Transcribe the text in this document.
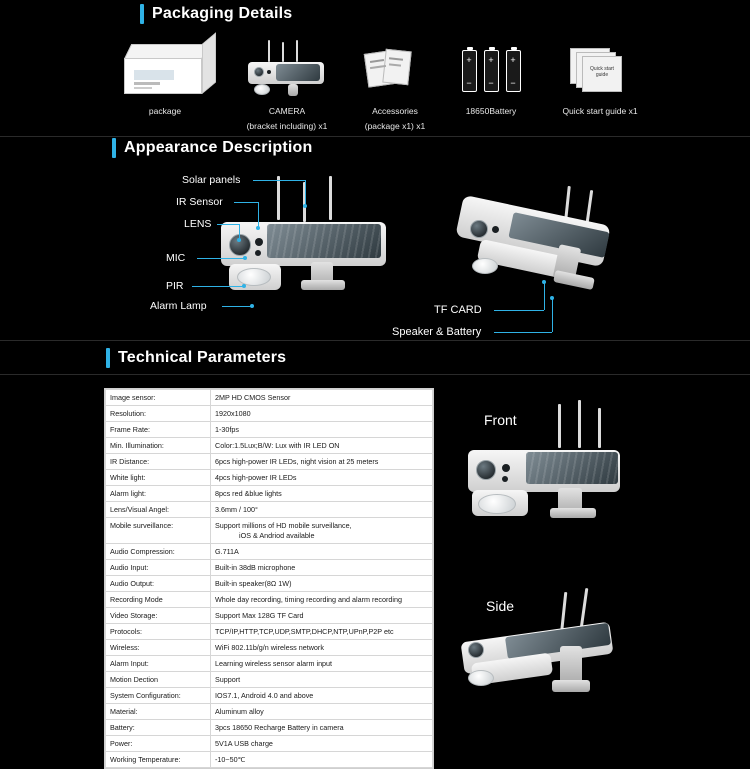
Packaging Details
package	CAMERA
(bracket including) x1
Accessories
(package x1) x1
+
−
+
−
+
−
18650Battery
Quick start guide
Quick start guide x1
Appearance Description
Solar panels
IR Sensor
LENS
MIC
PIR
Alarm Lamp	TF CARD
Speaker & Battery
Technical Parameters
Image sensor:	2MP HD CMOS Sensor
Resolution:	1920x1080
Frame Rate:	1-30fps
Min. Illumination:	Color:1.5Lux;B/W: Lux with IR LED ON
IR Distance:	6pcs high-power IR LEDs, night vision at 25 meters
White light:	4pcs high-power IR LEDs
Alarm light:	8pcs red &blue lights
Lens/Visual Angel:	3.6mm / 100°
Mobile surveillance:	Support millions of HD mobile surveillance,
iOS & Andriod available

Audio Compression:	G.711A
Audio Input:	Built-in 38dB microphone
Audio Output:	Built-in speaker(8Ω 1W)
Recording Mode	Whole day recording, timing recording and alarm recording
Video Storage:	Support Max 128G TF Card
Protocols:	TCP/IP,HTTP,TCP,UDP,SMTP,DHCP,NTP,UPnP,P2P etc
Wireless:	WiFi 802.11b/g/n wireless network
Alarm Input:	Learning wireless sensor alarm input
Motion Dection	Support
System Configuration:	IOS7.1, Android 4.0 and above
Material:	Aluminum alloy
Battery:	3pcs 18650 Recharge Battery in camera
Power:	5V1A USB charge
Working Temperature:	-10~50℃
Front
Side
